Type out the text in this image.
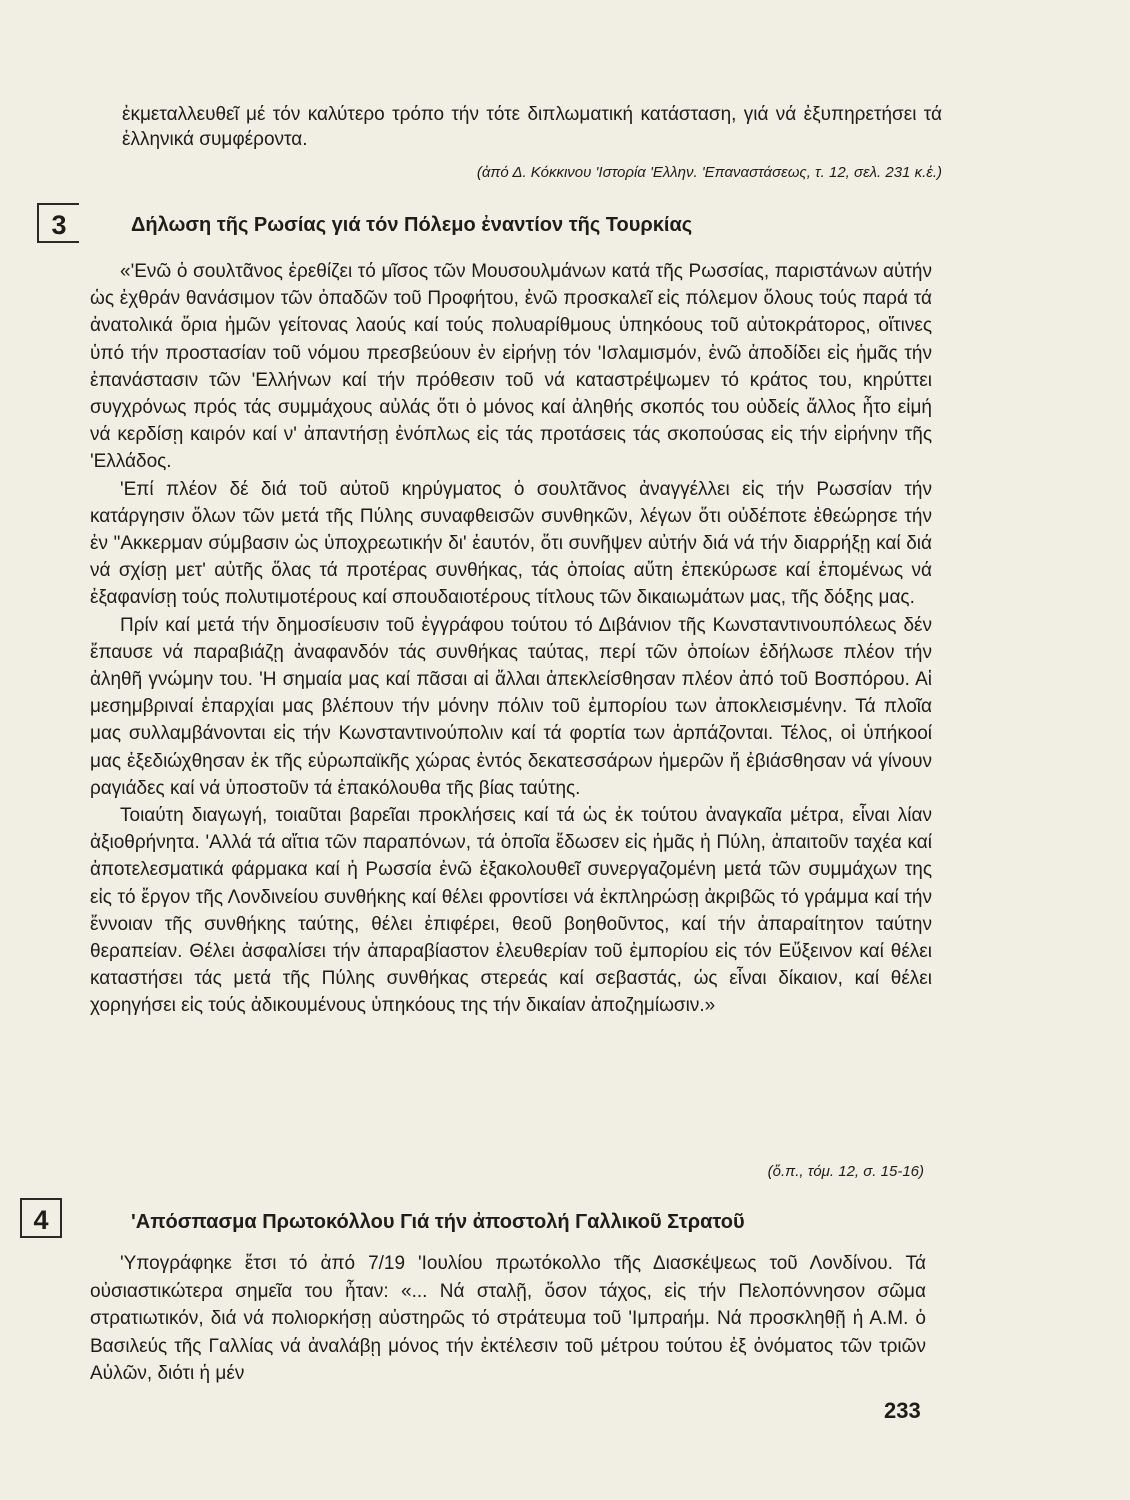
ἐκμεταλλευθεῖ μέ τόν καλύτερο τρόπο τήν τότε διπλωματική κατάσταση, γιά νά ἐξυπηρετήσει τά ἑλληνικά συμφέροντα.

(ἀπό Δ. Κόκκινου 'Ιστορία 'Ελλην. 'Επαναστάσεως, τ. 12, σελ. 231 κ.ἑ.)
3	Δήλωση τῆς Ρωσίας γιά τόν Πόλεμο ἐναντίον τῆς Τουρκίας

«'Ενῶ ὁ σουλτᾶνος ἐρεθίζει τό μῖσος τῶν Μουσουλμάνων κατά τῆς Ρωσσίας, παριστάνων αὐτήν ὡς ἐχθράν θανάσιμον τῶν ὀπαδῶν τοῦ Προφήτου, ἐνῶ προσκαλεῖ εἰς πόλεμον ὅλους τούς παρά τά ἀνατολικά ὅρια ἡμῶν γείτονας λαούς καί τούς πολυαρίθμους ὑπηκόους τοῦ αὐτοκράτορος, οἵτινες ὑπό τήν προστασίαν τοῦ νόμου πρεσβεύουν ἐν εἰρήνῃ τόν 'Ισλαμισμόν, ἐνῶ ἀποδίδει εἰς ἡμᾶς τήν ἐπανάστασιν τῶν 'Ελλήνων καί τήν πρόθεσιν τοῦ νά καταστρέψωμεν τό κράτος του, κηρύττει συγχρόνως πρός τάς συμμάχους αὐλάς ὅτι ὁ μόνος καί ἀληθής σκοπός του οὐδείς ἄλλος ἦτο εἰμή νά κερδίσῃ καιρόν καί ν' ἀπαντήσῃ ἐνόπλως εἰς τάς προτάσεις τάς σκοπούσας εἰς τήν εἰρήνην τῆς 'Ελλάδος.

'Επί πλέον δέ διά τοῦ αὐτοῦ κηρύγματος ὁ σουλτᾶνος ἀναγγέλλει εἰς τήν Ρωσσίαν τήν κατάργησιν ὅλων τῶν μετά τῆς Πύλης συναφθεισῶν συνθηκῶν, λέγων ὅτι οὐδέποτε ἐθεώρησε τήν ἐν "Ακκερμαν σύμβασιν ὡς ὑποχρεωτικήν δι' ἑαυτόν, ὅτι συνῆψεν αὐτήν διά νά τήν διαρρήξῃ καί διά νά σχίσῃ μετ' αὐτῆς ὅλας τά προτέρας συνθήκας, τάς ὁποίας αὔτη ἐπεκύρωσε καί ἑπομένως νά ἐξαφανίσῃ τούς πολυτιμοτέρους καί σπουδαιοτέρους τίτλους τῶν δικαιωμάτων μας, τῆς δόξης μας.

Πρίν καί μετά τήν δημοσίευσιν τοῦ ἐγγράφου τούτου τό Διβάνιον τῆς Κωνσταντινουπόλεως δέν ἔπαυσε νά παραβιάζῃ ἀναφανδόν τάς συνθήκας ταύτας, περί τῶν ὁποίων ἐδήλωσε πλέον τήν ἀληθῆ γνώμην του. 'Η σημαία μας καί πᾶσαι αἱ ἄλλαι ἀπεκλείσθησαν πλέον ἀπό τοῦ Βοσπόρου. Αἱ μεσημβριναί ἐπαρχίαι μας βλέπουν τήν μόνην πόλιν τοῦ ἐμπορίου των ἀποκλεισμένην. Τά πλοῖα μας συλλαμβάνονται εἰς τήν Κωνσταντινούπολιν καί τά φορτία των ἁρπάζονται. Τέλος, οἱ ὑπήκοοί μας ἐξεδιώχθησαν ἐκ τῆς εὐρωπαϊκῆς χώρας ἐντός δεκατεσσάρων ἡμερῶν ἤ ἐβιάσθησαν νά γίνουν ραγιάδες καί νά ὑποστοῦν τά ἐπακόλουθα τῆς βίας ταύτης.

Τοιαύτη διαγωγή, τοιαῦται βαρεῖαι προκλήσεις καί τά ὡς ἐκ τούτου ἀναγκαῖα μέτρα, εἶναι λίαν ἀξιοθρήνητα. 'Αλλά τά αἴτια τῶν παραπόνων, τά ὁποῖα ἔδωσεν εἰς ἡμᾶς ἡ Πύλη, ἀπαιτοῦν ταχέα καί ἀποτελεσματικά φάρμακα καί ἡ Ρωσσία ἐνῶ ἐξακολουθεῖ συνεργαζομένη μετά τῶν συμμάχων της εἰς τό ἔργον τῆς Λονδινείου συνθήκης καί θέλει φροντίσει νά ἐκπληρώσῃ ἀκριβῶς τό γράμμα καί τήν ἔννοιαν τῆς συνθήκης ταύτης, θέλει ἐπιφέρει, θεοῦ βοηθοῦντος, καί τήν ἀπαραίτητον ταύτην θεραπείαν. Θέλει ἀσφαλίσει τήν ἀπαραβίαστον ἐλευθερίαν τοῦ ἐμπορίου εἰς τόν Εὔξεινον καί θέλει καταστήσει τάς μετά τῆς Πύλης συνθήκας στερεάς καί σεβαστάς, ὡς εἶναι δίκαιον, καί θέλει χορηγήσει εἰς τούς ἀδικουμένους ὑπηκόους της τήν δικαίαν ἀποζημίωσιν.»

(ὅ.π., τόμ. 12, σ. 15-16)
4	'Απόσπασμα Πρωτοκόλλου Γιά τήν ἀποστολή Γαλλικοῦ Στρατοῦ

'Υπογράφηκε ἔτσι τό ἀπό 7/19 'Ιουλίου πρωτόκολλο τῆς Διασκέψεως τοῦ Λονδίνου. Τά οὐσιαστικώτερα σημεῖα του ἦταν: «... Νά σταλῇ, ὅσον τάχος, εἰς τήν Πελοπόννησον σῶμα στρατιωτικόν, διά νά πολιορκήσῃ αὐστηρῶς τό στράτευμα τοῦ 'Ιμπραήμ. Νά προσκληθῇ ἡ Α.Μ. ὁ Βασιλεύς τῆς Γαλλίας νά ἀναλάβῃ μόνος τήν ἐκτέλεσιν τοῦ μέτρου τούτου ἐξ ὀνόματος τῶν τριῶν Αὐλῶν, διότι ἡ μέν

233
